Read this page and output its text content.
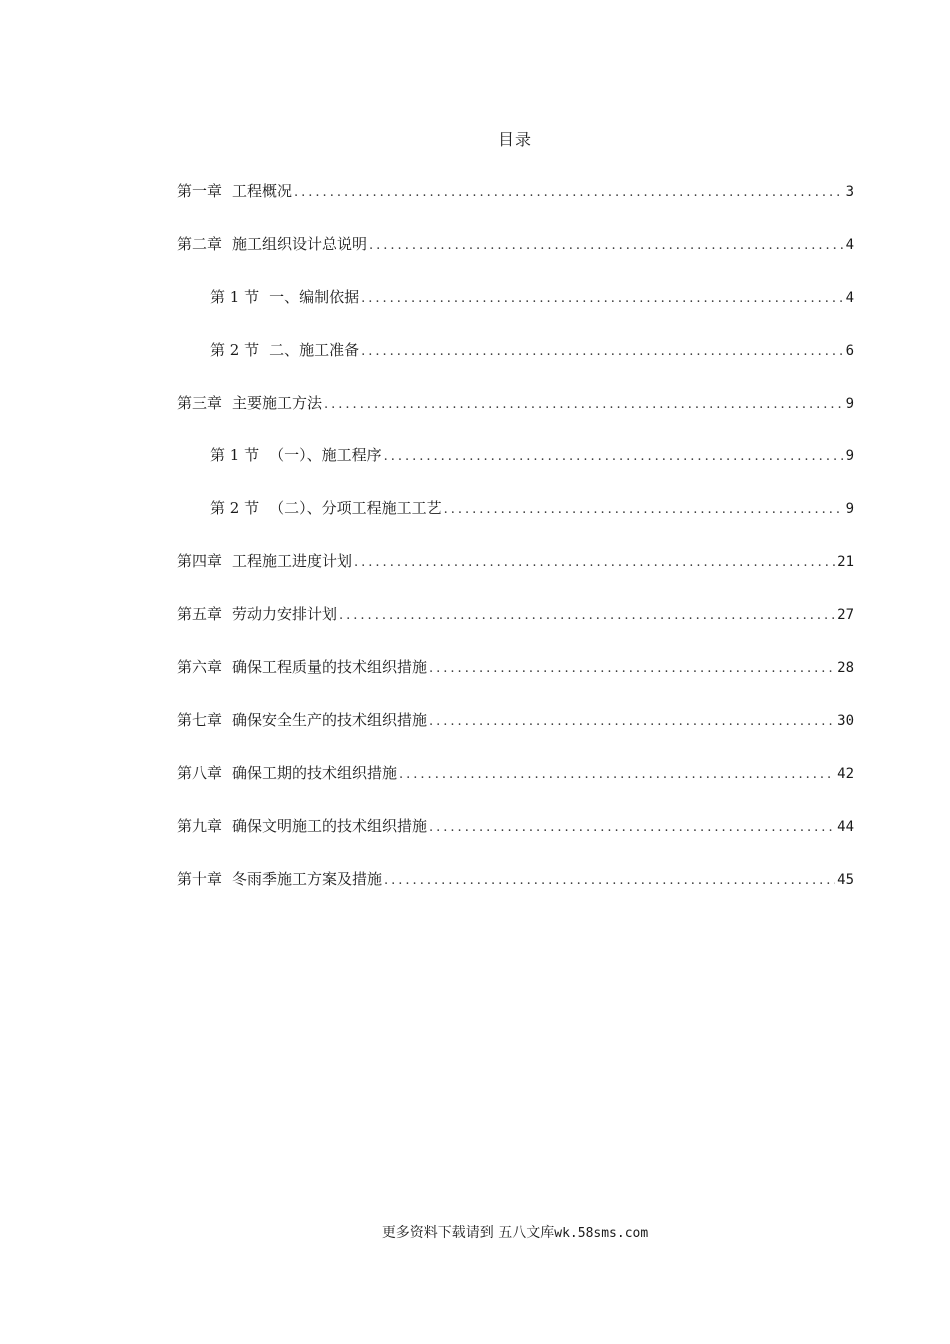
目录
第一章 工程概况 .....	3
第二章 施工组织设计总说明 .....	4
第 1 节 一、编制依据 .....	4
第 2 节 二、施工准备 .....	6
第三章 主要施工方法 .....	9
第 1 节 （一）、施工程序 .....	9
第 2 节 （二）、分项工程施工工艺 .....	9
第四章 工程施工进度计划 .....	21
第五章 劳动力安排计划 .....	27
第六章 确保工程质量的技术组织措施 .....	28
第七章 确保安全生产的技术组织措施 .....	30
第八章 确保工期的技术组织措施 .....	42
第九章 确保文明施工的技术组织措施 .....	44
第十章 冬雨季施工方案及措施 .....	45
更多资料下载请到 五八文库wk.58sms.com
